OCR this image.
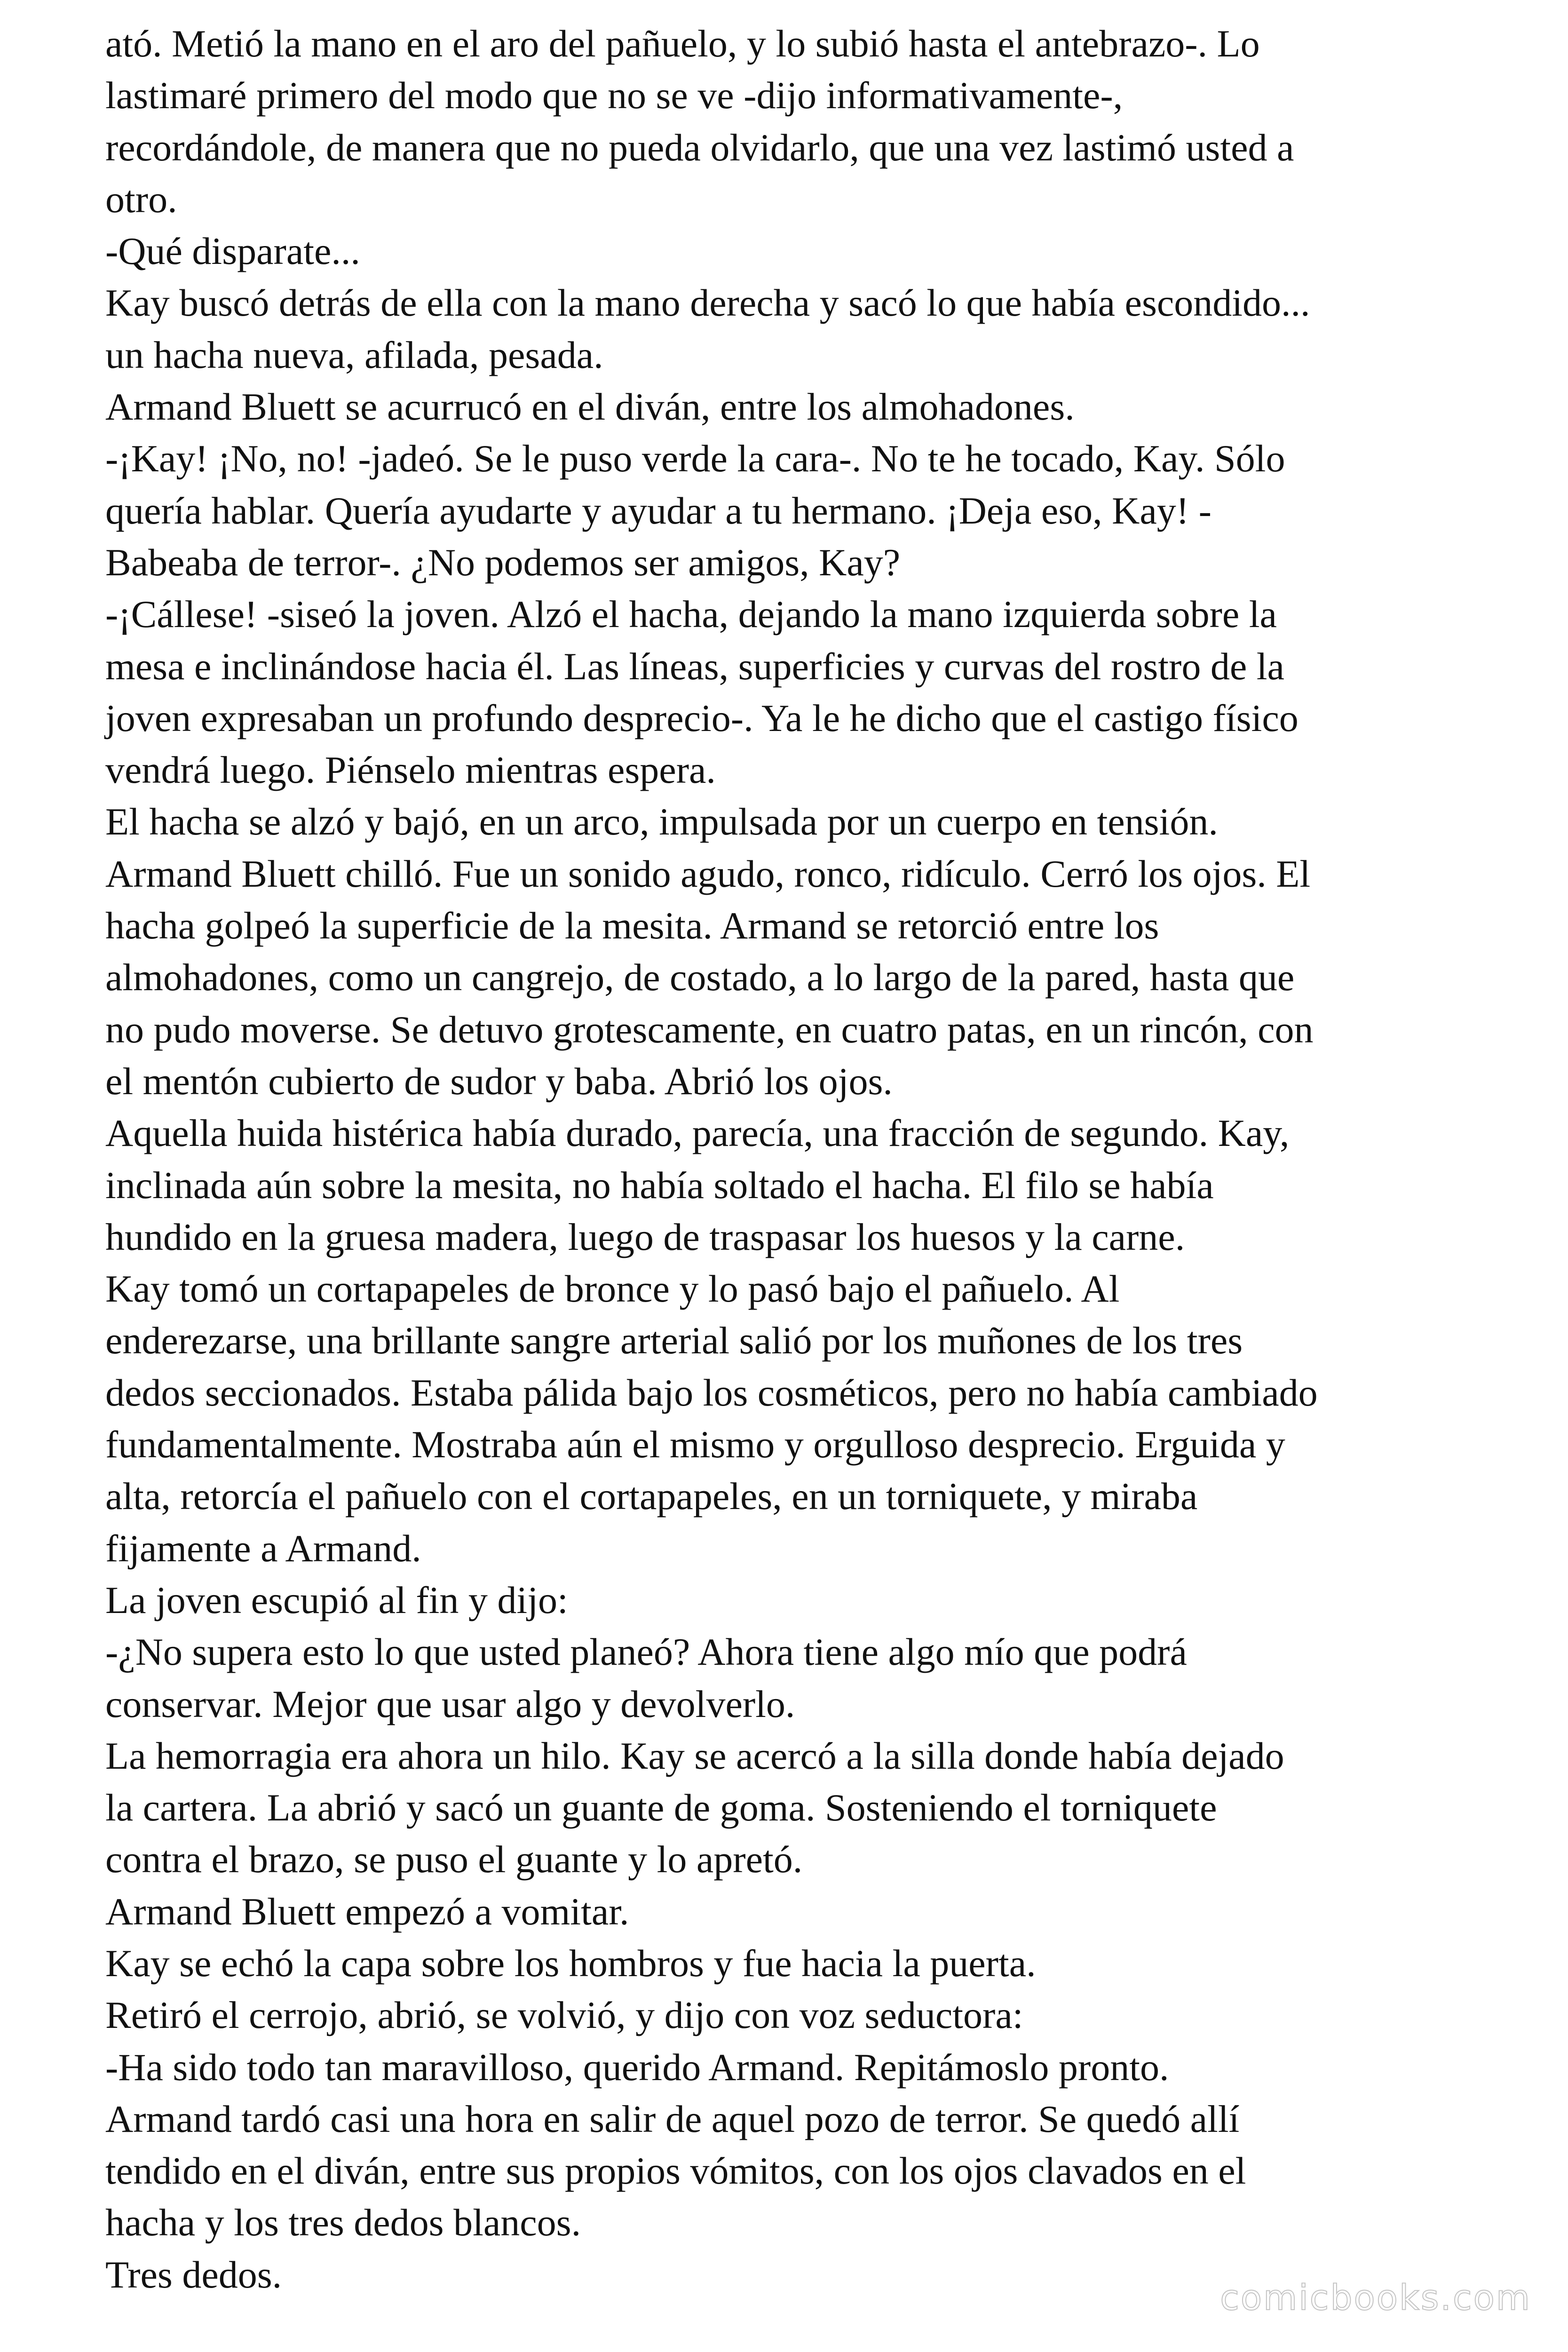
ató. Metió la mano en el aro del pañuelo, y lo subió hasta el antebrazo-. Lo
lastimaré primero del modo que no se ve -dijo informativamente-,
recordándole, de manera que no pueda olvidarlo, que una vez lastimó usted a
otro.
-Qué disparate...
Kay buscó detrás de ella con la mano derecha y sacó lo que había escondido...
un hacha nueva, afilada, pesada.
Armand Bluett se acurrucó en el diván, entre los almohadones.
-¡Kay! ¡No, no! -jadeó. Se le puso verde la cara-. No te he tocado, Kay. Sólo
quería hablar. Quería ayudarte y ayudar a tu hermano. ¡Deja eso, Kay! -
Babeaba de terror-. ¿No podemos ser amigos, Kay?
-¡Cállese! -siseó la joven. Alzó el hacha, dejando la mano izquierda sobre la
mesa e inclinándose hacia él. Las líneas, superficies y curvas del rostro de la
joven expresaban un profundo desprecio-. Ya le he dicho que el castigo físico
vendrá luego. Piénselo mientras espera.
El hacha se alzó y bajó, en un arco, impulsada por un cuerpo en tensión.
Armand Bluett chilló. Fue un sonido agudo, ronco, ridículo. Cerró los ojos. El
hacha golpeó la superficie de la mesita. Armand se retorció entre los
almohadones, como un cangrejo, de costado, a lo largo de la pared, hasta que
no pudo moverse. Se detuvo grotescamente, en cuatro patas, en un rincón, con
el mentón cubierto de sudor y baba. Abrió los ojos.
Aquella huida histérica había durado, parecía, una fracción de segundo. Kay,
inclinada aún sobre la mesita, no había soltado el hacha. El filo se había
hundido en la gruesa madera, luego de traspasar los huesos y la carne.
Kay tomó un cortapapeles de bronce y lo pasó bajo el pañuelo. Al
enderezarse, una brillante sangre arterial salió por los muñones de los tres
dedos seccionados. Estaba pálida bajo los cosméticos, pero no había cambiado
fundamentalmente. Mostraba aún el mismo y orgulloso desprecio. Erguida y
alta, retorcía el pañuelo con el cortapapeles, en un torniquete, y miraba
fijamente a Armand.
La joven escupió al fin y dijo:
-¿No supera esto lo que usted planeó? Ahora tiene algo mío que podrá
conservar. Mejor que usar algo y devolverlo.
La hemorragia era ahora un hilo. Kay se acercó a la silla donde había dejado
la cartera. La abrió y sacó un guante de goma. Sosteniendo el torniquete
contra el brazo, se puso el guante y lo apretó.
Armand Bluett empezó a vomitar.
Kay se echó la capa sobre los hombros y fue hacia la puerta.
Retiró el cerrojo, abrió, se volvió, y dijo con voz seductora:
-Ha sido todo tan maravilloso, querido Armand. Repitámoslo pronto.
Armand tardó casi una hora en salir de aquel pozo de terror. Se quedó allí
tendido en el diván, entre sus propios vómitos, con los ojos clavados en el
hacha y los tres dedos blancos.
Tres dedos.
comicbooks.com
